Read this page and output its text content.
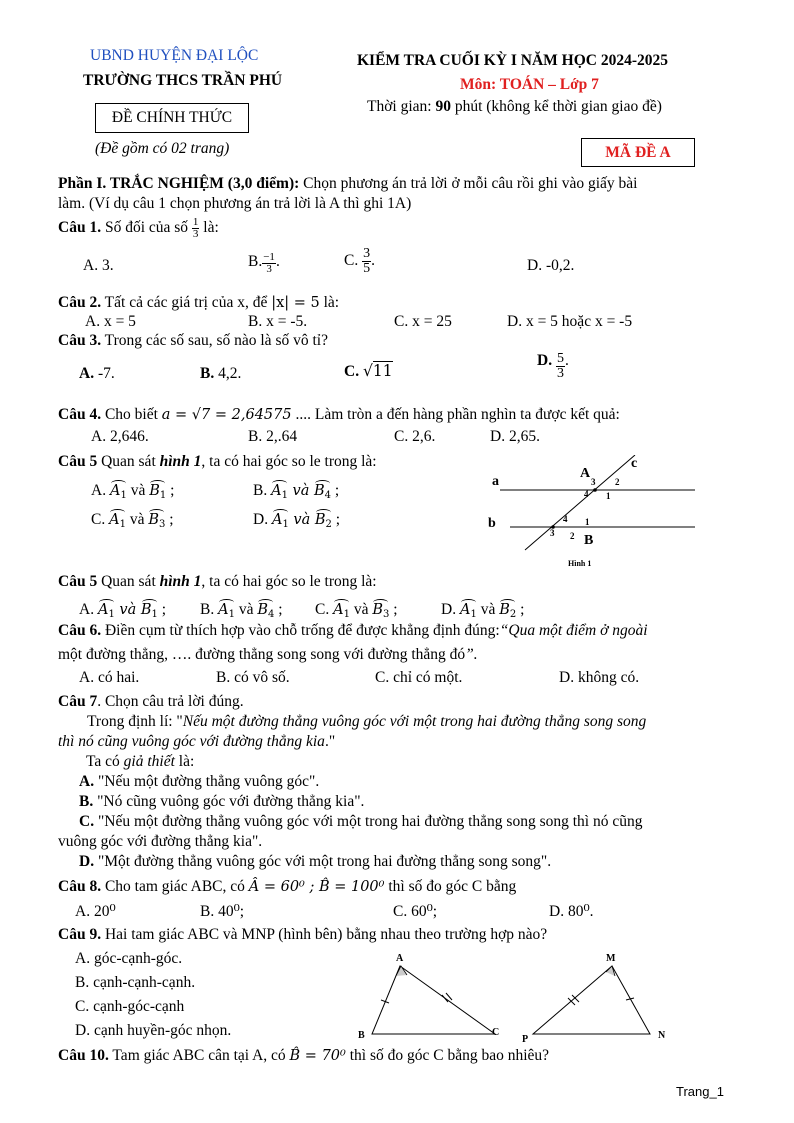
UBND HUYỆN ĐẠI LỘC
TRƯỜNG THCS TRẦN PHÚ
ĐỀ CHÍNH THỨC
(Đề gồm có 02 trang)
KIỂM TRA CUỐI KỲ I NĂM HỌC 2024-2025
Môn: TOÁN – Lớp 7
Thời gian: 90 phút (không kể thời gian giao đề)
MÃ ĐỀ A
Phần I. TRẮC NGHIỆM (3,0 điểm): Chọn phương án trả lời ở mỗi câu rồi ghi vào giấy bài
làm. (Ví dụ câu 1 chọn phương án trả lời là A thì ghi 1A)
Câu 1. Số đối của số $\frac{1}{3}$ là:
A. 3.	B. $\frac{-1}{3}$ .	C. $\frac{3}{5}$ .	D. -0,2.
Câu 2. Tất cả các giá trị của x, để |x| = 5 là:
A. x = 5	B. x = -5.	C. x = 25	D. x = 5 hoặc x = -5
Câu 3. Trong các số sau, số nào là số vô tỉ?
A. -7.	B. 4,2.	C. √11
D. $\frac{5}{3}$ .
Câu 4. Cho biết a = √7 = 2,64575 .... Làm tròn a đến hàng phần nghìn ta được kết quả:
A. 2,646.	B. 2,.64	C. 2,6.	D. 2,65.
Câu 5 Quan sát hình 1, ta có hai góc so le trong là:
A. $A_1$ và $B_1$ ;	B. $A_1$ và $B_4$ ;
C. $A_1$ và $B_3$ ;	D. $A_1$ và $B_2$ ;
a
b
c
A
B
3 2
4 1
4 1
3 2
Hình 1
Câu 5 Quan sát hình 1, ta có hai góc so le trong là:
A. $A_1$ và $B_1$ ; B. $A_1$ và $B_4$ ; C. $A_1$ và $B_3$ ;	D. $A_1$ và $B_2$ ;
Câu 6. Điền cụm từ thích hợp vào chỗ trống để được khẳng định đúng:“Qua một điểm ở ngoài
một đường thẳng, …. đường thẳng song song với đường thẳng đó”.
A. có hai.	B. có vô số.	C. chỉ có một.	D. không có.
Câu 7. Chọn câu trả lời đúng.
Trong định lí: "Nếu một đường thẳng vuông góc với một trong hai đường thẳng song song
thì nó cũng vuông góc với đường thẳng kia."
Ta có giả thiết là:
A. "Nếu một đường thẳng vuông góc".
B. "Nó cũng vuông góc với đường thẳng kia".
C. "Nếu một đường thẳng vuông góc với một trong hai đường thẳng song song thì nó cũng
vuông góc với đường thẳng kia".
D. "Một đường thẳng vuông góc với một trong hai đường thẳng song song".
Câu 8. Cho tam giác ABC, có Â = 60⁰ ; B̂ = 100⁰ thì số đo góc C bằng
A. 20⁰	B. 40⁰;	C. 60⁰;	D. 80⁰.
Câu 9. Hai tam giác ABC và MNP (hình bên) bằng nhau theo trường hợp nào?
A. góc-cạnh-góc.
B. cạnh-cạnh-cạnh.
C. cạnh-góc-cạnh
D. cạnh huyền-góc nhọn.
A
B	C
M
P	N
Câu 10. Tam giác ABC cân tại A, có B̂ = 70⁰ thì số đo góc C bằng bao nhiêu?
Trang_1
